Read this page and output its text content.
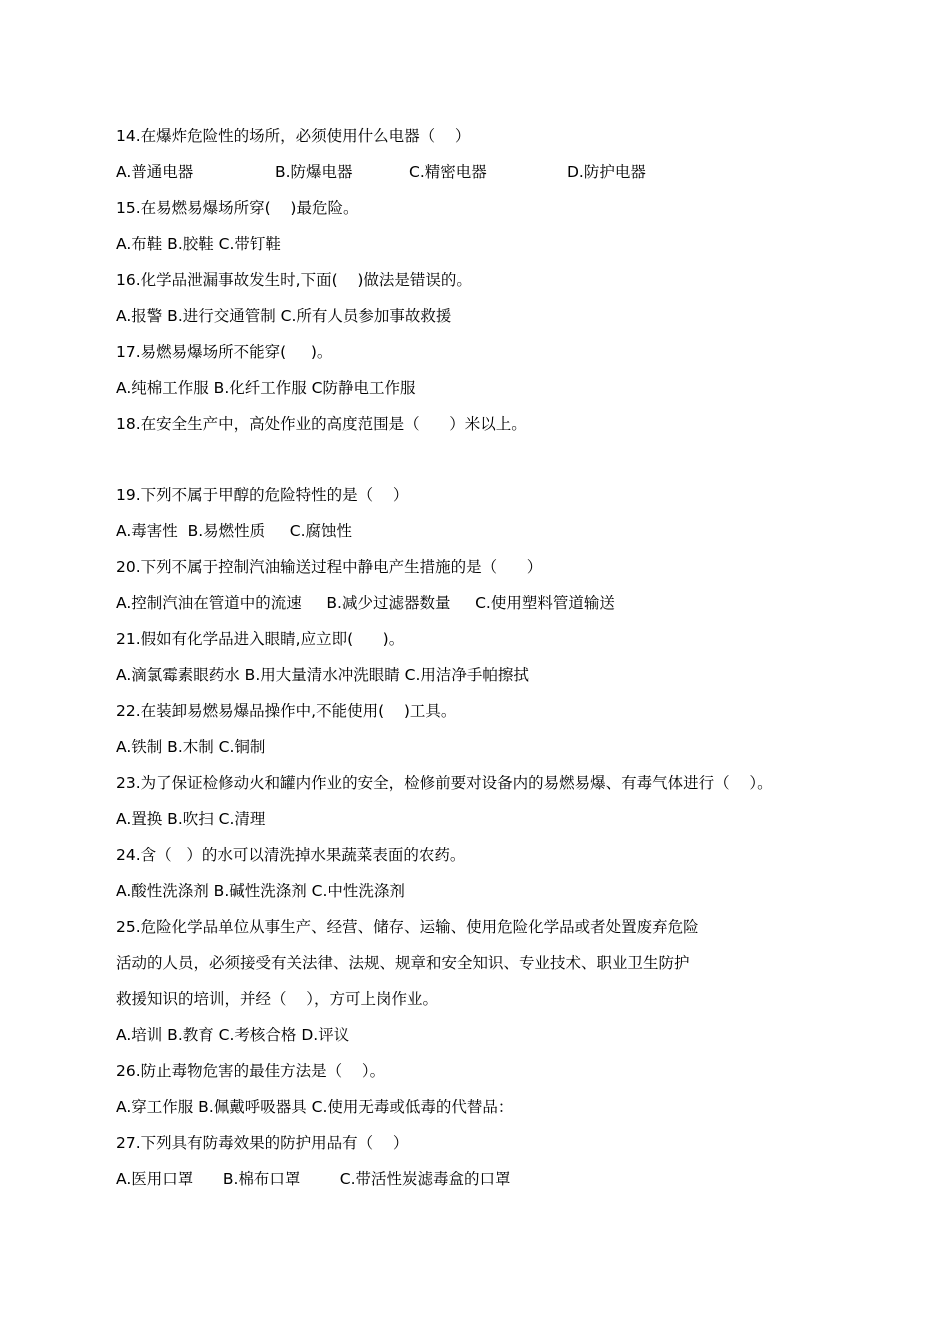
14.在爆炸危险性的场所，必须使用什么电器（    ）
A.普通电器	B.防爆电器	C.精密电器	D.防护电器
15.在易燃易爆场所穿(    )最危险。
A.布鞋 B.胶鞋 C.带钉鞋
16.化学品泄漏事故发生时,下面(    )做法是错误的。
A.报警 B.进行交通管制 C.所有人员参加事故救援
17.易燃易爆场所不能穿(     )。
A.纯棉工作服 B.化纤工作服 C防静电工作服
18.在安全生产中，高处作业的高度范围是（      ）米以上。
19.下列不属于甲醇的危险特性的是（    ）
A.毒害性  B.易燃性质     C.腐蚀性
20.下列不属于控制汽油输送过程中静电产生措施的是（      ）
A.控制汽油在管道中的流速     B.减少过滤器数量     C.使用塑料管道输送
21.假如有化学品进入眼睛,应立即(      )。
A.滴氯霉素眼药水 B.用大量清水冲洗眼睛 C.用洁净手帕擦拭
22.在装卸易燃易爆品操作中,不能使用(    )工具。
A.铁制 B.木制 C.铜制
23.为了保证检修动火和罐内作业的安全，检修前要对设备内的易燃易爆、有毒气体进行（    ）。
A.置换 B.吹扫 C.清理
24.含（   ）的水可以清洗掉水果蔬菜表面的农药。
A.酸性洗涤剂 B.碱性洗涤剂 C.中性洗涤剂
25.危险化学品单位从事生产、经营、储存、运输、使用危险化学品或者处置废弃危险
活动的人员，必须接受有关法律、法规、规章和安全知识、专业技术、职业卫生防护
救援知识的培训，并经（    ），方可上岗作业。
A.培训 B.教育 C.考核合格 D.评议
26.防止毒物危害的最佳方法是（    ）。
A.穿工作服 B.佩戴呼吸器具 C.使用无毒或低毒的代替品：
27.下列具有防毒效果的防护用品有（    ）
A.医用口罩      B.棉布口罩        C.带活性炭滤毒盒的口罩
